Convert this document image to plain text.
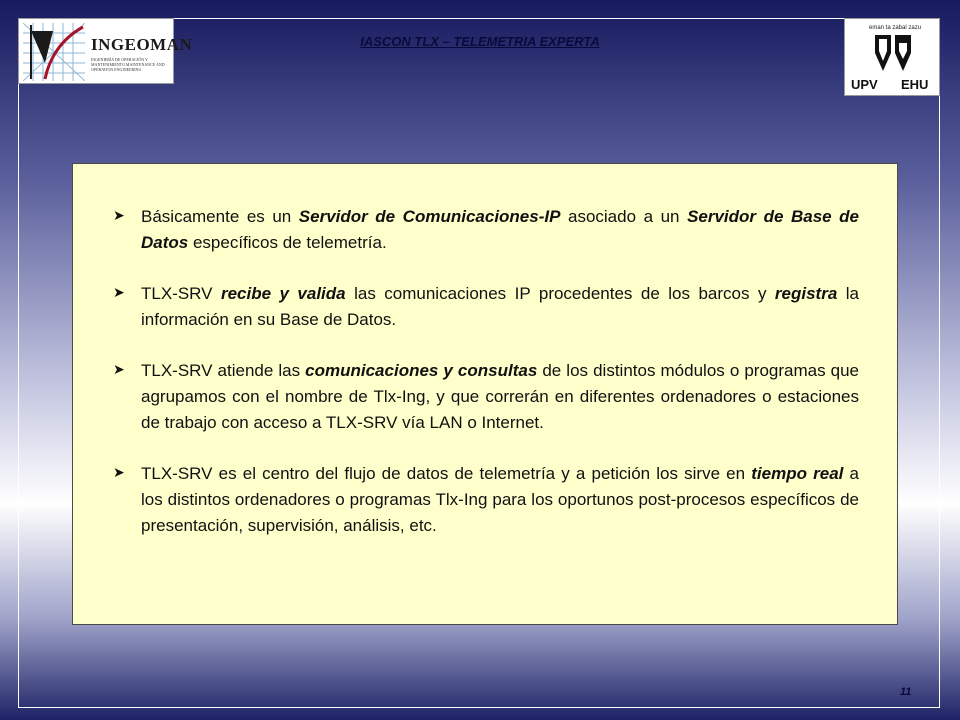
INGEOMAN
INGENIERÍA DE OPERACIÓN Y MANTENIMIENTO MAINTENANCE AND OPERATION ENGINEERING
IASCON TLX – TELEMETRIA EXPERTA
eman ta zabal zazu
UPV EHU
➤ Básicamente es un Servidor de Comunicaciones-IP asociado a un Servidor de Base de Datos específicos de telemetría.

➤ TLX-SRV recibe y valida las comunicaciones IP procedentes de los barcos y registra la información en su Base de Datos.

➤ TLX-SRV atiende las comunicaciones y consultas de los distintos módulos o programas que agrupamos con el nombre de Tlx-Ing, y que correrán en diferentes ordenadores o estaciones de trabajo con acceso a TLX-SRV vía LAN o Internet.

➤ TLX-SRV es el centro del flujo de datos de telemetría y a petición los sirve en tiempo real a los distintos ordenadores o programas Tlx-Ing para los oportunos post-procesos específicos de presentación, supervisión, análisis, etc.

11
